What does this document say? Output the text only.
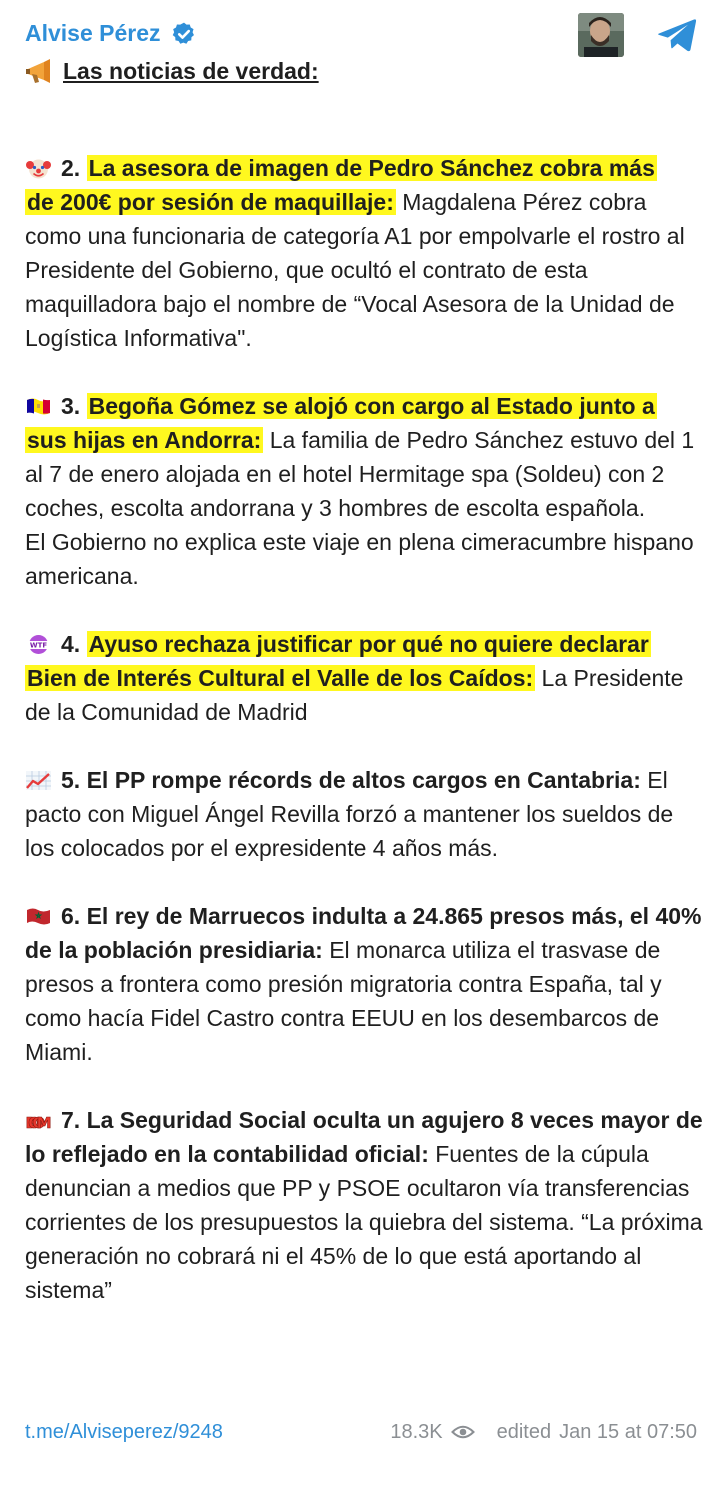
Alvise Pérez
Las noticias de verdad:

2. La asesora de imagen de Pedro Sánchez cobra más
de 200€ por sesión de maquillaje: Magdalena Pérez cobra como una funcionaria de categoría A1 por empolvarle el rostro al Presidente del Gobierno, que ocultó el contrato de esta maquilladora bajo el nombre de “Vocal Asesora de la Unidad de Logística Informativa".

3. Begoña Gómez se alojó con cargo al Estado junto a
sus hijas en Andorra: La familia de Pedro Sánchez estuvo del 1 al 7 de enero alojada en el hotel Hermitage spa (Soldeu) con 2 coches, escolta andorrana y 3 hombres de escolta española.

El Gobierno no explica este viaje en plena cimeracumbre hispano americana.

WTF 4. Ayuso rechaza justificar por qué no quiere declarar
Bien de Interés Cultural el Valle de los Caídos: La Presidente de la Comunidad de Madrid

5. El PP rompe récords de altos cargos en Cantabria: El pacto con Miguel Ángel Revilla forzó a mantener los sueldos de los colocados por el expresidente 4 años más.

6. El rey de Marruecos indulta a 24.865 presos más, el 40% de la población presidiaria: El monarca utiliza el trasvase de presos a frontera como presión migratoria contra España, tal y como hacía Fidel Castro contra EEUU en los desembarcos de Miami.

BOOM 7. La Seguridad Social oculta un agujero 8 veces mayor de lo reflejado en la contabilidad oficial: Fuentes de la cúpula denuncian a medios que PP y PSOE ocultaron vía transferencias corrientes de los presupuestos la quiebra del sistema. “La próxima generación no cobrará ni el 45% de lo que está aportando al sistema”

t.me/Alviseperez/9248	18.3K	edited Jan 15 at 07:50
